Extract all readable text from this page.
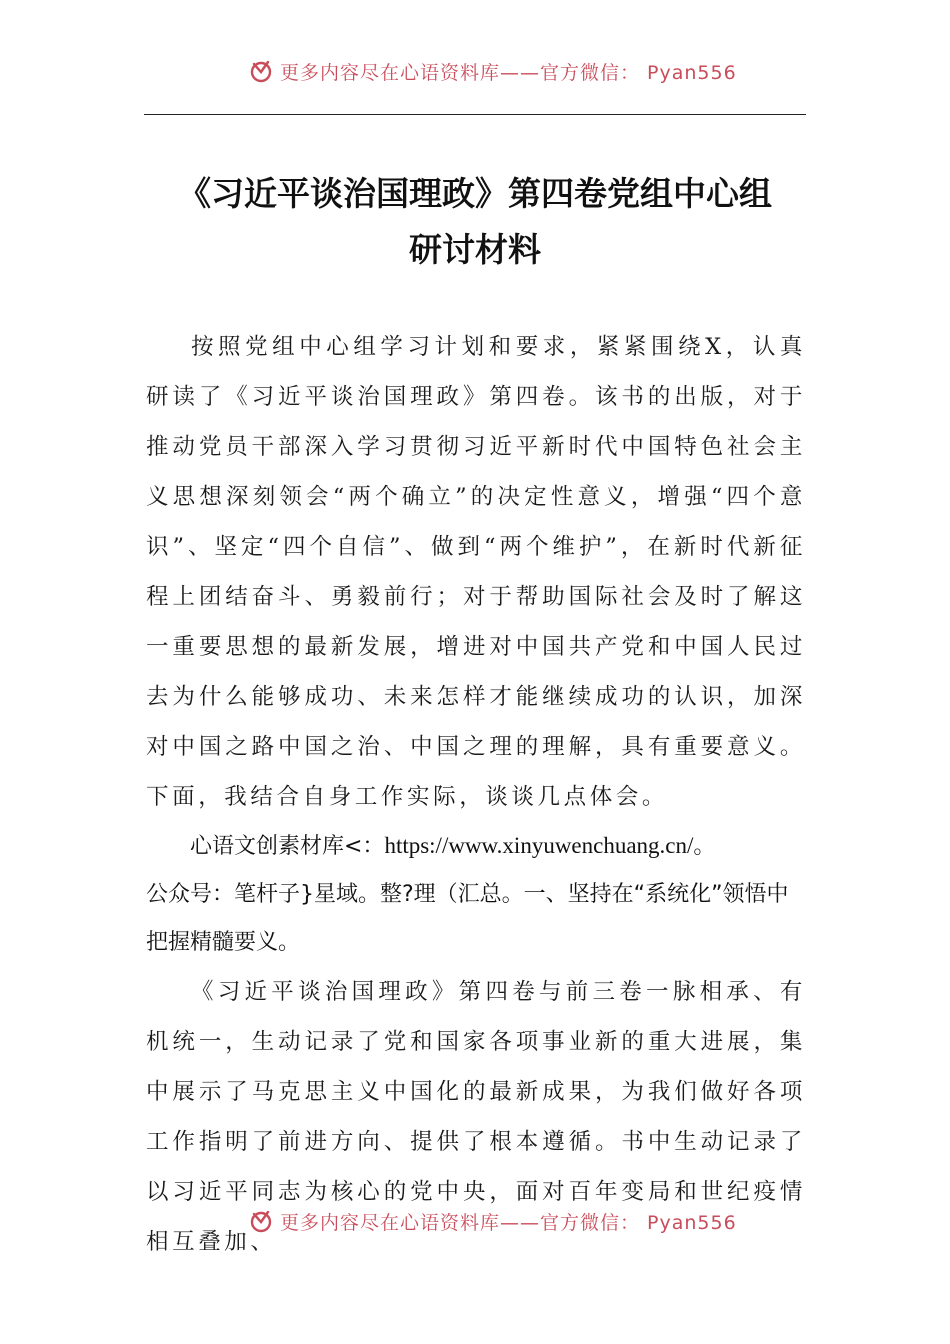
更多内容尽在心语资料库——官方微信： Pyan556
《习近平谈治国理政》第四卷党组中心组
研讨材料

按照党组中心组学习计划和要求，紧紧围绕X，认真研读了《习近平谈治国理政》第四卷。该书的出版，对于推动党员干部深入学习贯彻习近平新时代中国特色社会主义思想深刻领会“两个确立”的决定性意义，增强“四个意识”、坚定“四个自信”、做到“两个维护”，在新时代新征程上团结奋斗、勇毅前行；对于帮助国际社会及时了解这一重要思想的最新发展，增进对中国共产党和中国人民过去为什么能够成功、未来怎样才能继续成功的认识，加深对中国之路中国之治、中国之理的理解，具有重要意义。下面，我结合自身工作实际，谈谈几点体会。

心语文创素材库<：https://www.xinyuwenchuang.cn/。

公众号：笔杆子}星域。整?理（汇总。一、坚持在“系统化”领悟中把握精髓要义。

《习近平谈治国理政》第四卷与前三卷一脉相承、有机统一，生动记录了党和国家各项事业新的重大进展，集中展示了马克思主义中国化的最新成果，为我们做好各项工作指明了前进方向、提供了根本遵循。书中生动记录了以习近平同志为核心的党中央，面对百年变局和世纪疫情相互叠加、

更多内容尽在心语资料库——官方微信： Pyan556
